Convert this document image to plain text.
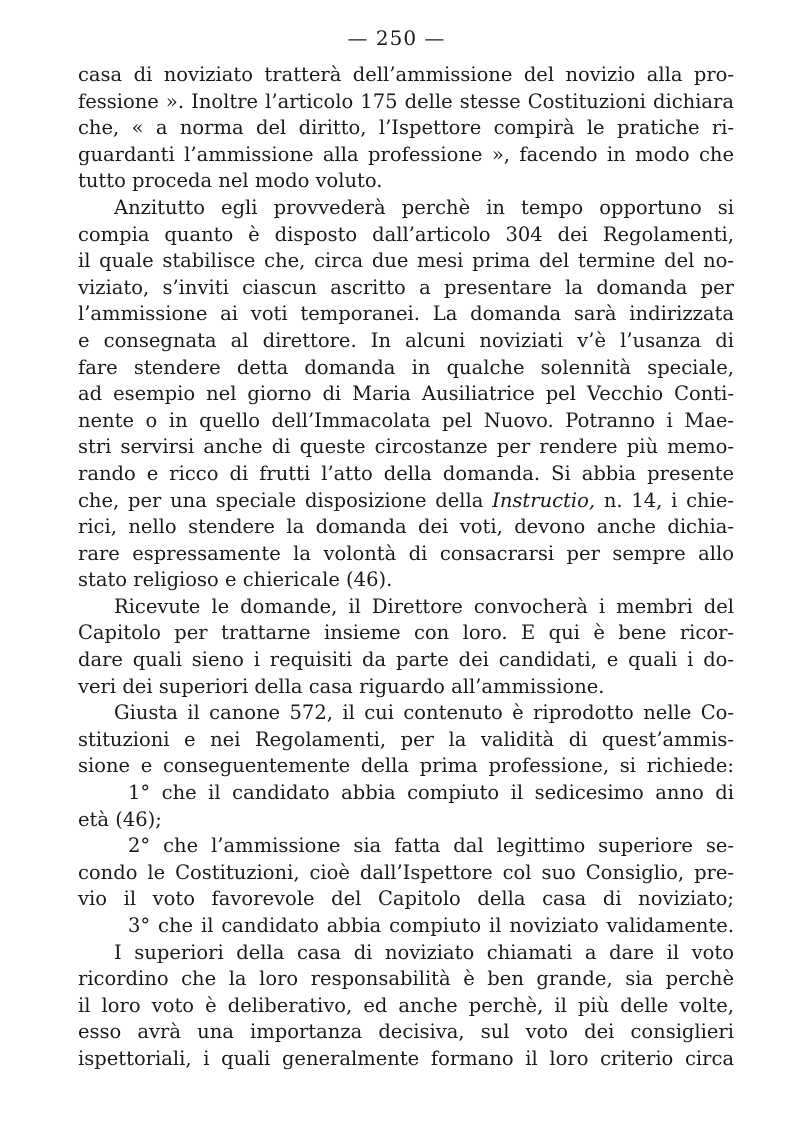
— 250 —
casa di noviziato tratterà dell’ammissione del novizio alla pro-
fessione ». Inoltre l’articolo 175 delle stesse Costituzioni dichiara
che, « a norma del diritto, l’Ispettore compirà le pratiche ri-
guardanti l’ammissione alla professione », facendo in modo che
tutto proceda nel modo voluto.
Anzitutto egli provvederà perchè in tempo opportuno si
compia quanto è disposto dall’articolo 304 dei Regolamenti,
il quale stabilisce che, circa due mesi prima del termine del no-
viziato, s’inviti ciascun ascritto a presentare la domanda per
l’ammissione ai voti temporanei. La domanda sarà indirizzata
e consegnata al direttore. In alcuni noviziati v’è l’usanza di
fare stendere detta domanda in qualche solennità speciale,
ad esempio nel giorno di Maria Ausiliatrice pel Vecchio Conti-
nente o in quello dell’Immacolata pel Nuovo. Potranno i Mae-
stri servirsi anche di queste circostanze per rendere più memo-
rando e ricco di frutti l’atto della domanda. Si abbia presente
che, per una speciale disposizione della Instructio, n. 14, i chie-
rici, nello stendere la domanda dei voti, devono anche dichia-
rare espressamente la volontà di consacrarsi per sempre allo
stato religioso e chiericale (46).
Ricevute le domande, il Direttore convocherà i membri del
Capitolo per trattarne insieme con loro. E qui è bene ricor-
dare quali sieno i requisiti da parte dei candidati, e quali i do-
veri dei superiori della casa riguardo all’ammissione.
Giusta il canone 572, il cui contenuto è riprodotto nelle Co-
stituzioni e nei Regolamenti, per la validità di quest’ammis-
sione e conseguentemente della prima professione, si richiede:
1° che il candidato abbia compiuto il sedicesimo anno di
età (46);
2° che l’ammissione sia fatta dal legittimo superiore se-
condo le Costituzioni, cioè dall’Ispettore col suo Consiglio, pre-
vio il voto favorevole del Capitolo della casa di noviziato;
3° che il candidato abbia compiuto il noviziato validamente.
I superiori della casa di noviziato chiamati a dare il voto
ricordino che la loro responsabilità è ben grande, sia perchè
il loro voto è deliberativo, ed anche perchè, il più delle volte,
esso avrà una importanza decisiva, sul voto dei consiglieri
ispettoriali, i quali generalmente formano il loro criterio circa
